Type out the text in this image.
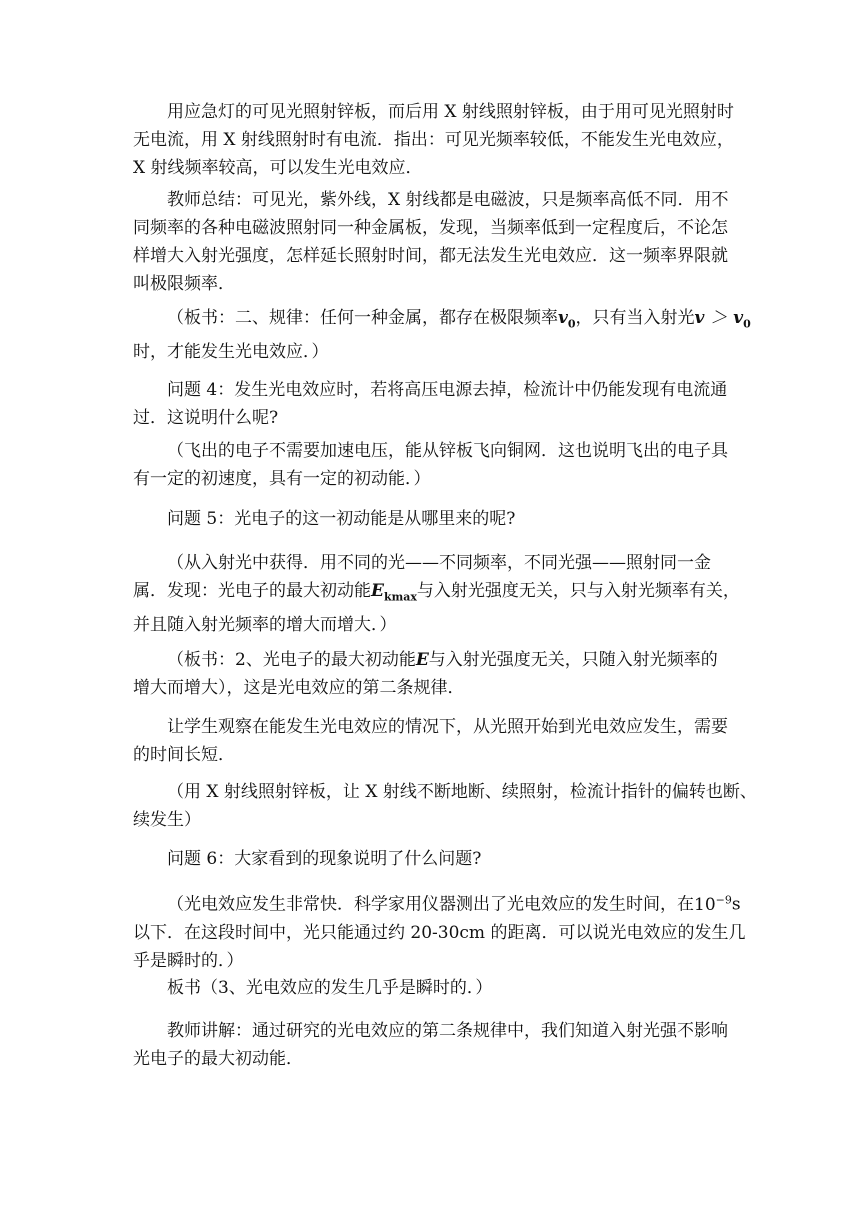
用应急灯的可见光照射锌板，而后用 X 射线照射锌板，由于用可见光照射时
无电流，用 X 射线照射时有电流．指出：可见光频率较低，不能发生光电效应，
X 射线频率较高，可以发生光电效应．
教师总结：可见光，紫外线，X 射线都是电磁波，只是频率高低不同．用不
同频率的各种电磁波照射同一种金属板，发现，当频率低到一定程度后，不论怎
样增大入射光强度，怎样延长照射时间，都无法发生光电效应．这一频率界限就
叫极限频率．
（板书：二、规律：任何一种金属，都存在极限频率$v_0$，只有当入射光$v > v_0$
时，才能发生光电效应．）
问题 4：发生光电效应时，若将高压电源去掉，检流计中仍能发现有电流通
过．这说明什么呢?
（飞出的电子不需要加速电压，能从锌板飞向铜网．这也说明飞出的电子具
有一定的初速度，具有一定的初动能．）
问题 5：光电子的这一初动能是从哪里来的呢?
（从入射光中获得．用不同的光——不同频率，不同光强——照射同一金
属．发现：光电子的最大初动能$E_{kmax}$与入射光强度无关，只与入射光频率有关，
并且随入射光频率的增大而增大．）
（板书：2、光电子的最大初动能E与入射光强度无关，只随入射光频率的
增大而增大），这是光电效应的第二条规律．
让学生观察在能发生光电效应的情况下，从光照开始到光电效应发生，需要
的时间长短．
（用 X 射线照射锌板，让 X 射线不断地断、续照射，检流计指针的偏转也断、
续发生）
问题 6：大家看到的现象说明了什么问题?
（光电效应发生非常快．科学家用仪器测出了光电效应的发生时间，在$10^{-9}s$
以下．在这段时间中，光只能通过约 20-30cm 的距离．可以说光电效应的发生几
乎是瞬时的．）
板书（3、光电效应的发生几乎是瞬时的．）
教师讲解：通过研究的光电效应的第二条规律中，我们知道入射光强不影响
光电子的最大初动能．
